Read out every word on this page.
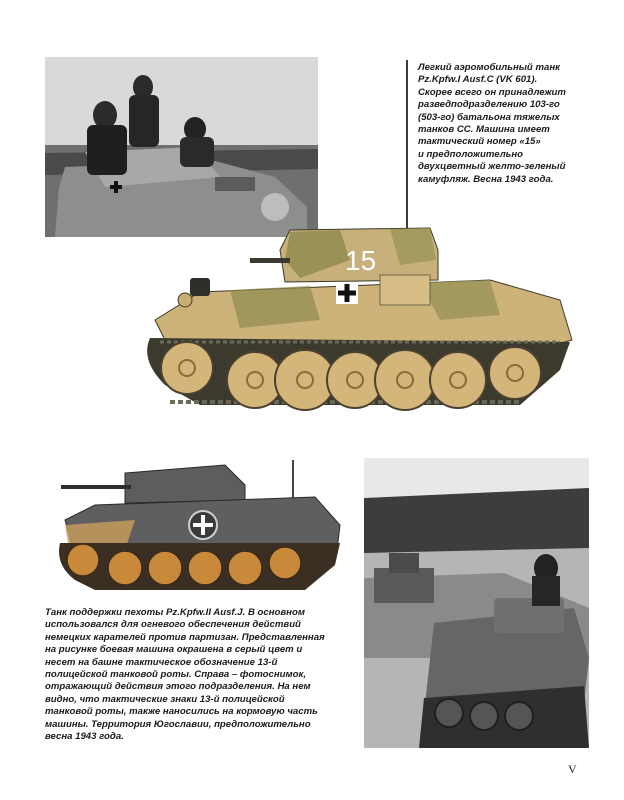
Легкий аэромобильный танк
Pz.Kpfw.I Ausf.C (VK 601).
Скорее всего он принадлежит
разведподразделению 103-го
(503-го) батальона тяжелых
танков СС. Машина имеет
тактический номер «15»
и предположительно
двухцветный желто-зеленый
камуфляж. Весна 1943 года.
15
Танк поддержки пехоты Pz.Kpfw.II Ausf.J. В основном
использовался для огневого обеспечения действий
немецких карателей против партизан. Представленная
на рисунке боевая машина окрашена в серый цвет и
несет на башне тактическое обозначение 13-й
полицейской танковой роты. Справа – фотоснимок,
отражающий действия этого подразделения. На нем
видно, что тактические знаки 13-й полицейской
танковой роты, также наносились на кормовую часть
машины. Территория Югославии, предположительно
весна 1943 года.
V
